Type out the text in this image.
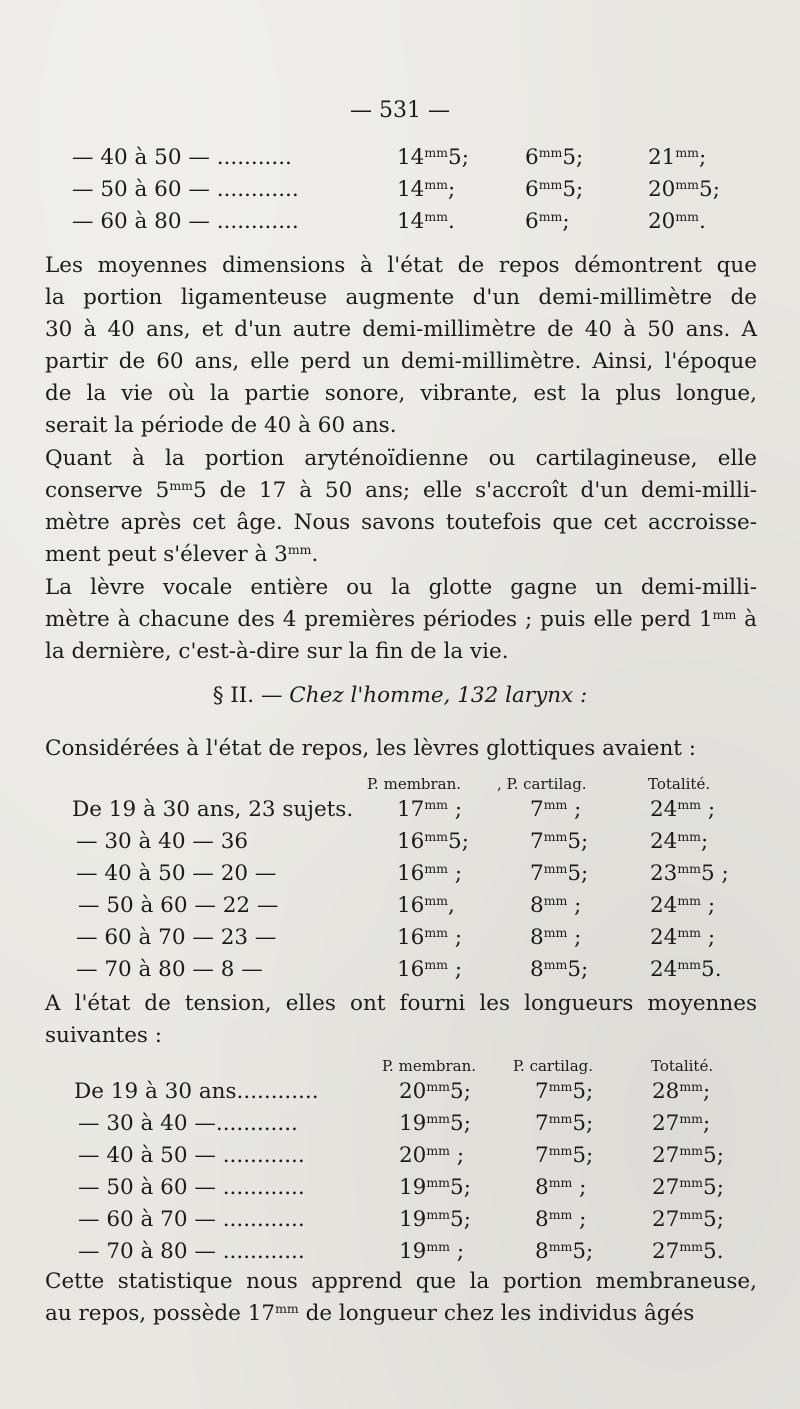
— 531 —
— 40 à 50 — ...........	$14^{mm}5$;	$6^{mm}5$;	$21^{mm}$;
— 50 à 60 — ............	$14^{mm}$;	$6^{mm}5$;	$20^{mm}5$;
— 60 à 80 — ............	$14^{mm}$.	$6^{mm}$;	$20^{mm}$.
Les moyennes dimensions à l'état de repos démontrent que
la portion ligamenteuse augmente d'un demi-millimètre de
30 à 40 ans, et d'un autre demi-millimètre de 40 à 50 ans. A
partir de 60 ans, elle perd un demi-millimètre. Ainsi, l'époque
de la vie où la partie sonore, vibrante, est la plus longue,
serait la période de 40 à 60 ans.
Quant à la portion aryténoïdienne ou cartilagineuse, elle
conserve $5^{mm}5$ de 17 à 50 ans; elle s'accroît d'un demi-milli-
mètre après cet âge. Nous savons toutefois que cet accroisse-
ment peut s'élever à $3^{mm}$.
La lèvre vocale entière ou la glotte gagne un demi-milli-
mètre à chacune des 4 premières périodes ; puis elle perd $1^{mm}$ à
la dernière, c'est-à-dire sur la fin de la vie.
§ II. — Chez l'homme, 132 larynx :
Considérées à l'état de repos, les lèvres glottiques avaient :
P. membran. , P. cartilag.	Totalité.
De 19 à 30 ans, 23 sujets. $17^{mm}$ ;	$7^{mm}$ ;	$24^{mm}$ ;
— 30 à 40 — 36	$16^{mm}5$;	$7^{mm}5$;	$24^{mm}$;
— 40 à 50 — 20 —	$16^{mm}$ ;	$7^{mm}5$;	$23^{mm}5$ ;
— 50 à 60 — 22 —	$16^{mm}$,	$8^{mm}$ ;	$24^{mm}$ ;
— 60 à 70 — 23 —	$16^{mm}$ ;	$8^{mm}$ ;	$24^{mm}$ ;
— 70 à 80 — 8 —	$16^{mm}$ ;	$8^{mm}5$;	$24^{mm}5$.
A l'état de tension, elles ont fourni les longueurs moyennes
suivantes :
P. membran. P. cartilag.	Totalité.
De 19 à 30 ans............	$20^{mm}5$;	$7^{mm}5$;	$28^{mm}$;
— 30 à 40 —............	$19^{mm}5$;	$7^{mm}5$;	$27^{mm}$;
— 40 à 50 — ............	$20^{mm}$ ;	$7^{mm}5$;	$27^{mm}5$;
— 50 à 60 — ............	$19^{mm}5$;	$8^{mm}$ ;	$27^{mm}5$;
— 60 à 70 — ............	$19^{mm}5$;	$8^{mm}$ ;	$27^{mm}5$;
— 70 à 80 — ............	$19^{mm}$ ;	$8^{mm}5$;	$27^{mm}5$.
Cette statistique nous apprend que la portion membraneuse,
au repos, possède $17^{mm}$ de longueur chez les individus âgés
